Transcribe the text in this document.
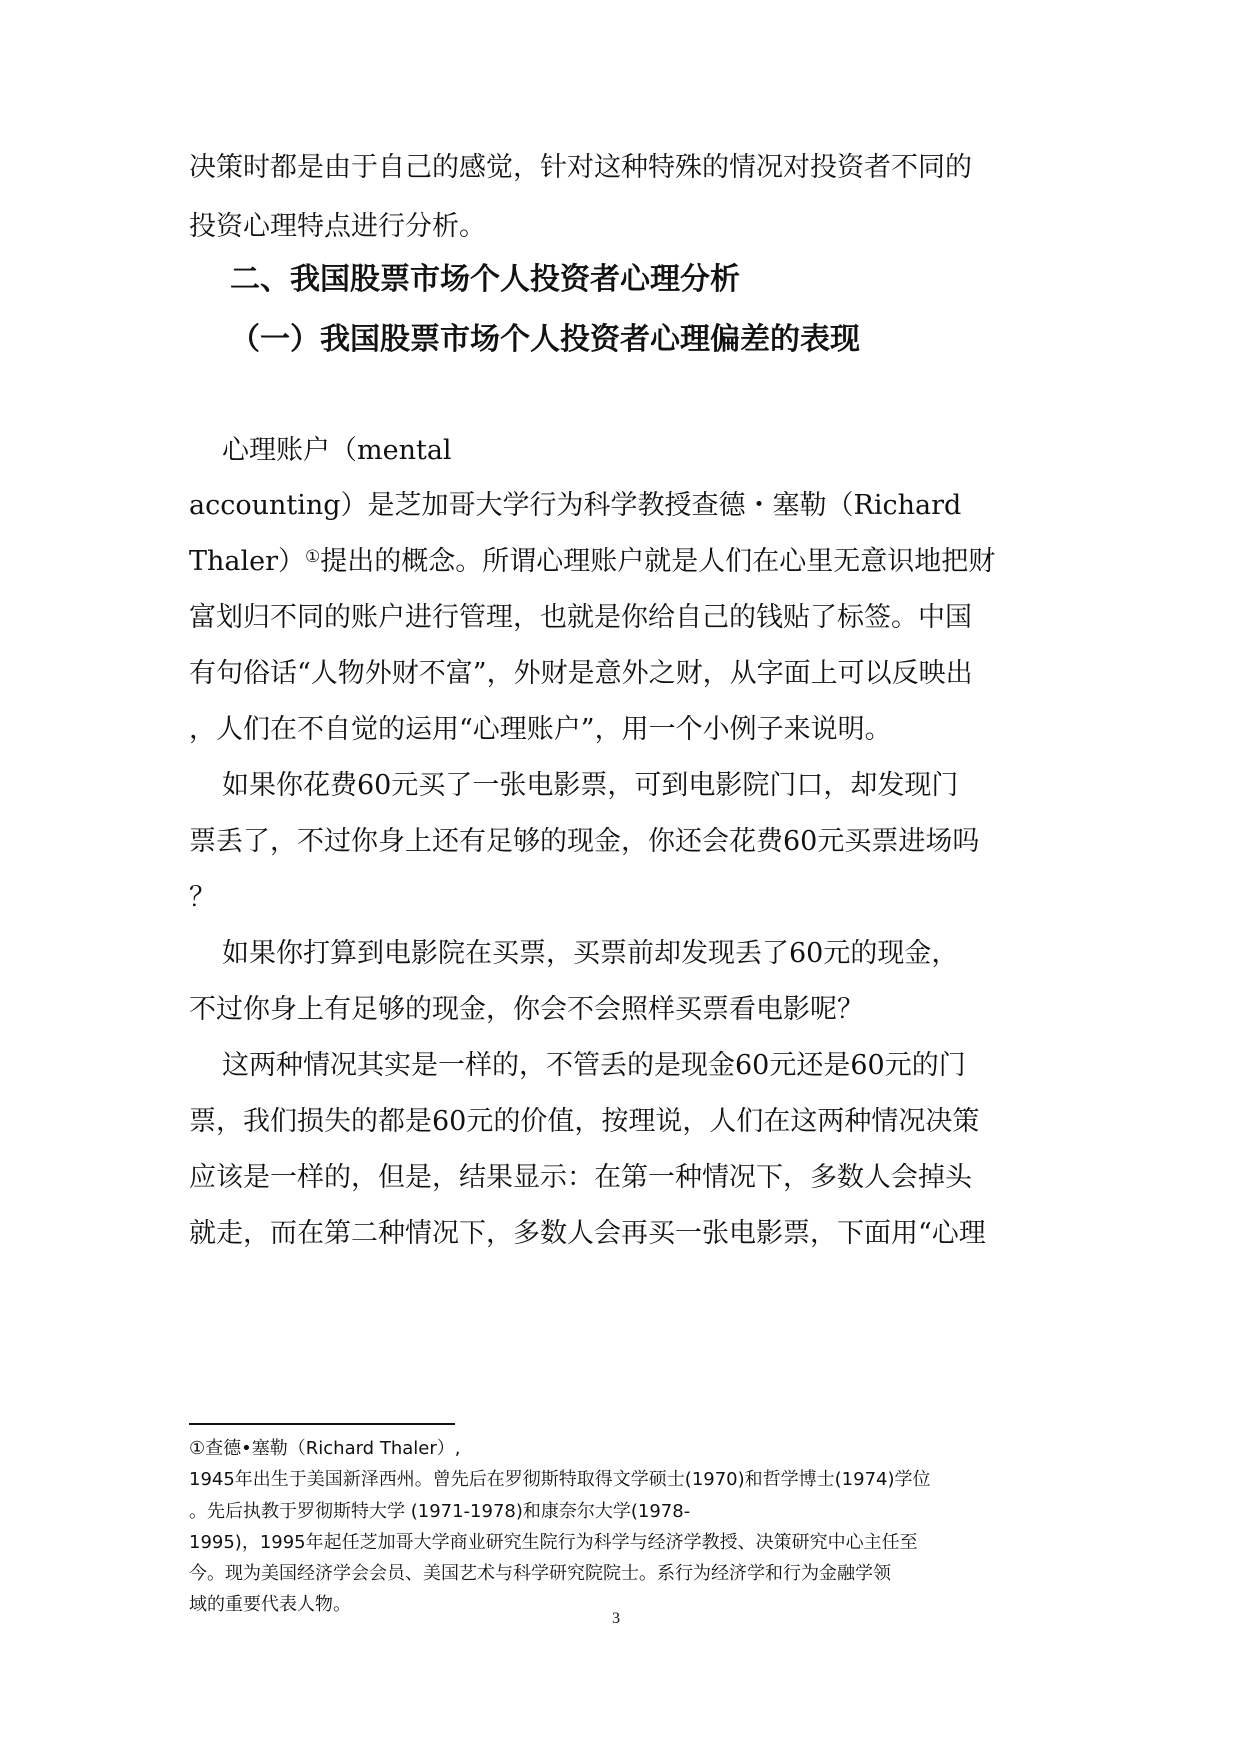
决策时都是由于自己的感觉，针对这种特殊的情况对投资者不同的
投资心理特点进行分析。
二、我国股票市场个人投资者心理分析
（一）我国股票市场个人投资者心理偏差的表现
心理账户（mental
accounting）是芝加哥大学行为科学教授查德・塞勒（Richard
Thaler）①提出的概念。所谓心理账户就是人们在心里无意识地把财
富划归不同的账户进行管理，也就是你给自己的钱贴了标签。中国
有句俗话“人物外财不富”，外财是意外之财，从字面上可以反映出
，人们在不自觉的运用“心理账户”，用一个小例子来说明。
如果你花费60元买了一张电影票，可到电影院门口，却发现门
票丢了，不过你身上还有足够的现金，你还会花费60元买票进场吗
？
如果你打算到电影院在买票，买票前却发现丢了60元的现金，
不过你身上有足够的现金，你会不会照样买票看电影呢？
这两种情况其实是一样的，不管丢的是现金60元还是60元的门
票，我们损失的都是60元的价值，按理说，人们在这两种情况决策
应该是一样的，但是，结果显示：在第一种情况下，多数人会掉头
就走，而在第二种情况下，多数人会再买一张电影票，下面用“心理
①查德•塞勒（Richard Thaler）,
1945年出生于美国新泽西州。曾先后在罗彻斯特取得文学硕士(1970)和哲学博士(1974)学位
。先后执教于罗彻斯特大学 (1971-1978)和康奈尔大学(1978-
1995)，1995年起任芝加哥大学商业研究生院行为科学与经济学教授、决策研究中心主任至
今。现为美国经济学会会员、美国艺术与科学研究院院士。系行为经济学和行为金融学领
域的重要代表人物。
3
